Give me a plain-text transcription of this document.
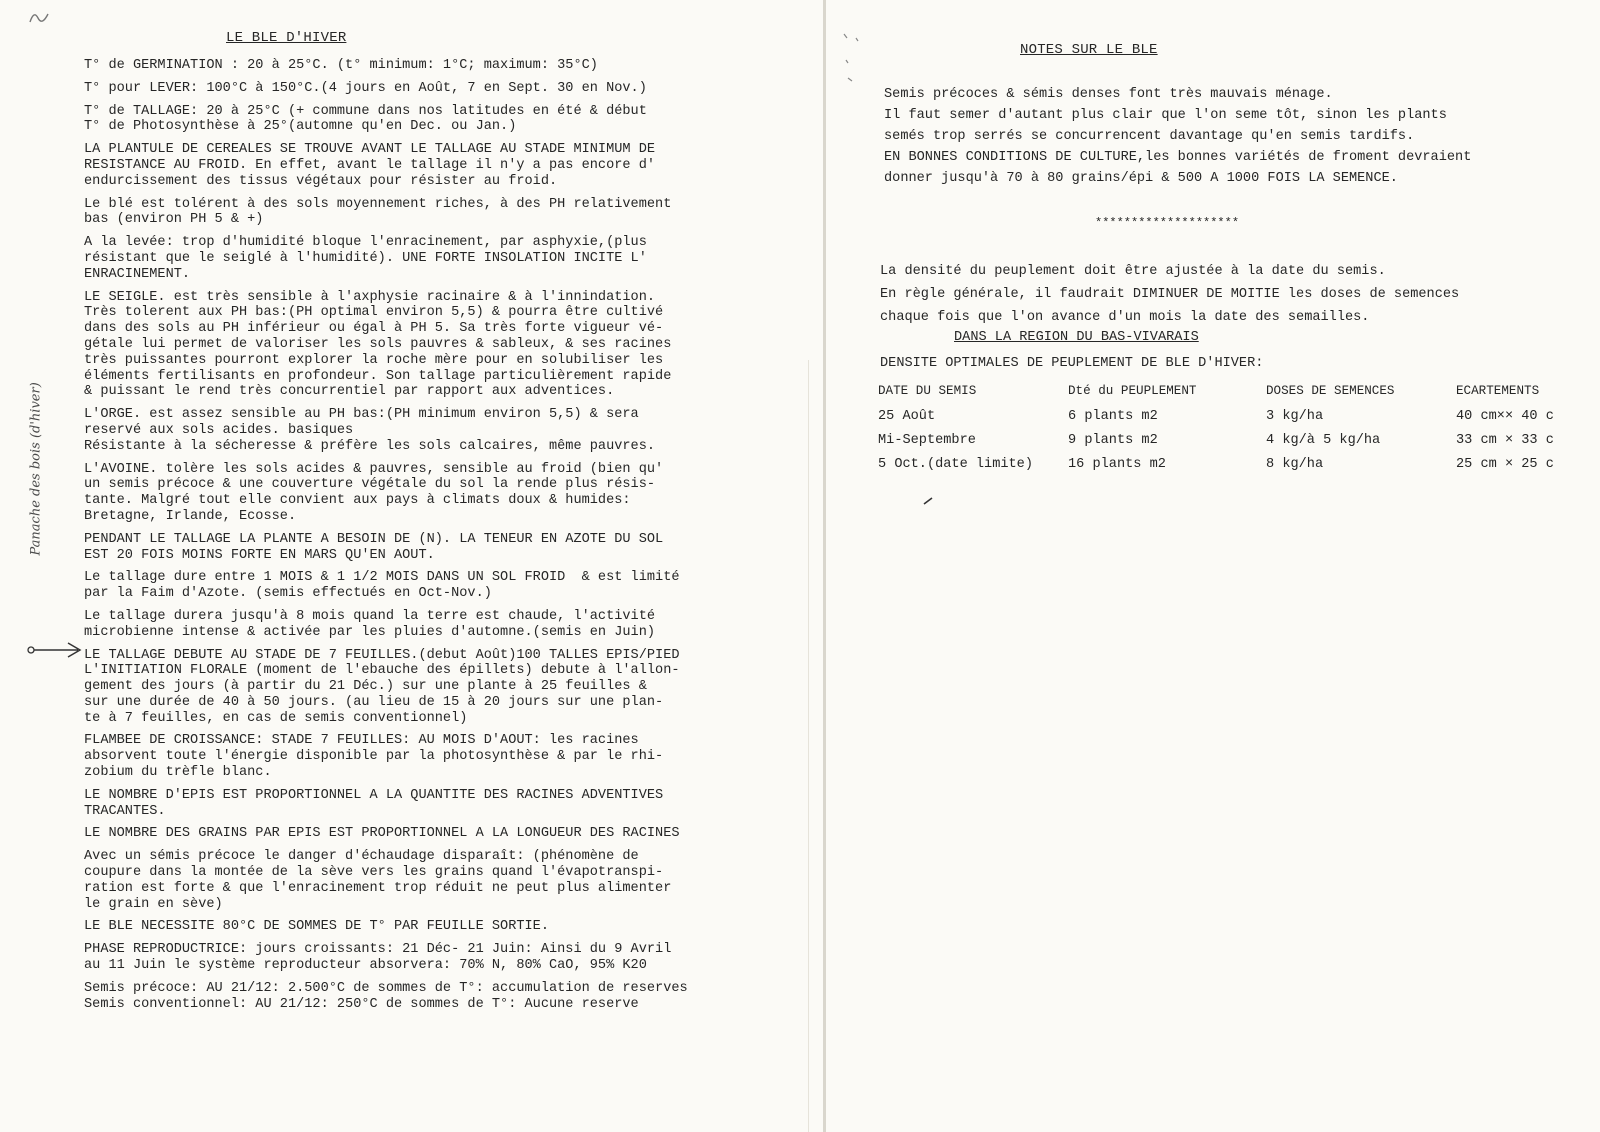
LE BLE D'HIVER
Panache des bois (d'hiver)
T° de GERMINATION : 20 à 25°C. (t° minimum: 1°C; maximum: 35°C)
T° pour LEVER: 100°C à 150°C.(4 jours en Août, 7 en Sept. 30 en Nov.)
T° de TALLAGE: 20 à 25°C (+ commune dans nos latitudes en été & début
T° de Photosynthèse à 25°(automne qu'en Dec. ou Jan.)
LA PLANTULE DE CEREALES SE TROUVE AVANT LE TALLAGE AU STADE MINIMUM DE
RESISTANCE AU FROID. En effet, avant le tallage il n'y a pas encore d'
endurcissement des tissus végétaux pour résister au froid.
Le blé est tolérent à des sols moyennement riches, à des PH relativement
bas (environ PH 5 & +)
A la levée: trop d'humidité bloque l'enracinement, par asphyxie,(plus
résistant que le seiglé à l'humidité). UNE FORTE INSOLATION INCITE L'
ENRACINEMENT.
LE SEIGLE. est très sensible à l'axphysie racinaire & à l'innindation.
Très tolerent aux PH bas:(PH optimal environ 5,5) & pourra être cultivé
dans des sols au PH inférieur ou égal à PH 5. Sa très forte vigueur vé-
gétale lui permet de valoriser les sols pauvres & sableux, & ses racines
très puissantes pourront explorer la roche mère pour en solubiliser les
éléments fertilisants en profondeur. Son tallage particulièrement rapide
& puissant le rend très concurrentiel par rapport aux adventices.
L'ORGE. est assez sensible au PH bas:(PH minimum environ 5,5) & sera
reservé aux sols acides. basiques
Résistante à la sécheresse & préfère les sols calcaires, même pauvres.
L'AVOINE. tolère les sols acides & pauvres, sensible au froid (bien qu'
un semis précoce & une couverture végétale du sol la rende plus résis-
tante. Malgré tout elle convient aux pays à climats doux & humides:
Bretagne, Irlande, Ecosse.
PENDANT LE TALLAGE LA PLANTE A BESOIN DE (N). LA TENEUR EN AZOTE DU SOL
EST 20 FOIS MOINS FORTE EN MARS QU'EN AOUT.
Le tallage dure entre 1 MOIS & 1 1/2 MOIS DANS UN SOL FROID  & est limité
par la Faim d'Azote. (semis effectués en Oct-Nov.)
Le tallage durera jusqu'à 8 mois quand la terre est chaude, l'activité
microbienne intense & activée par les pluies d'automne.(semis en Juin)
LE TALLAGE DEBUTE AU STADE DE 7 FEUILLES.(debut Août)100 TALLES EPIS/PIED
L'INITIATION FLORALE (moment de l'ebauche des épillets) debute à l'allon-
gement des jours (à partir du 21 Déc.) sur une plante à 25 feuilles &
sur une durée de 40 à 50 jours. (au lieu de 15 à 20 jours sur une plan-
te à 7 feuilles, en cas de semis conventionnel)
FLAMBEE DE CROISSANCE: STADE 7 FEUILLES: AU MOIS D'AOUT: les racines
absorvent toute l'énergie disponible par la photosynthèse & par le rhi-
zobium du trèfle blanc.
LE NOMBRE D'EPIS EST PROPORTIONNEL A LA QUANTITE DES RACINES ADVENTIVES
TRACANTES.
LE NOMBRE DES GRAINS PAR EPIS EST PROPORTIONNEL A LA LONGUEUR DES RACINES
Avec un sémis précoce le danger d'échaudage disparaît: (phénomène de
coupure dans la montée de la sève vers les grains quand l'évapotranspi-
ration est forte & que l'enracinement trop réduit ne peut plus alimenter
le grain en sève)
LE BLE NECESSITE 80°C DE SOMMES DE T° PAR FEUILLE SORTIE.
PHASE REPRODUCTRICE: jours croissants: 21 Déc- 21 Juin: Ainsi du 9 Avril
au 11 Juin le système reproducteur absorvera: 70% N, 80% CaO, 95% K20
Semis précoce: AU 21/12: 2.500°C de sommes de T°: accumulation de reserves
Semis conventionnel: AU 21/12: 250°C de sommes de T°: Aucune reserve
NOTES SUR LE BLE
Semis précoces & sémis denses font très mauvais ménage.
Il faut semer d'autant plus clair que l'on seme tôt, sinon les plants
semés trop serrés se concurrencent davantage qu'en semis tardifs.
EN BONNES CONDITIONS DE CULTURE,les bonnes variétés de froment devraient
donner jusqu'à 70 à 80 grains/épi & 500 A 1000 FOIS LA SEMENCE.
********************
La densité du peuplement doit être ajustée à la date du semis.
En règle générale, il faudrait DIMINUER DE MOITIE les doses de semences
chaque fois que l'on avance d'un mois la date des semailles.
DANS LA REGION DU BAS-VIVARAIS
DENSITE OPTIMALES DE PEUPLEMENT DE BLE D'HIVER:
DATE DU SEMIS	Dté du PEUPLEMENT	DOSES DE SEMENCES	ECARTEMENTS
25 Août	6 plants m2	3 kg/ha	40 cm×× 40 c
Mi-Septembre	9 plants m2	4 kg/à 5 kg/ha	33 cm × 33 c
5 Oct.(date limite)	16 plants m2	8 kg/ha	25 cm × 25 c
